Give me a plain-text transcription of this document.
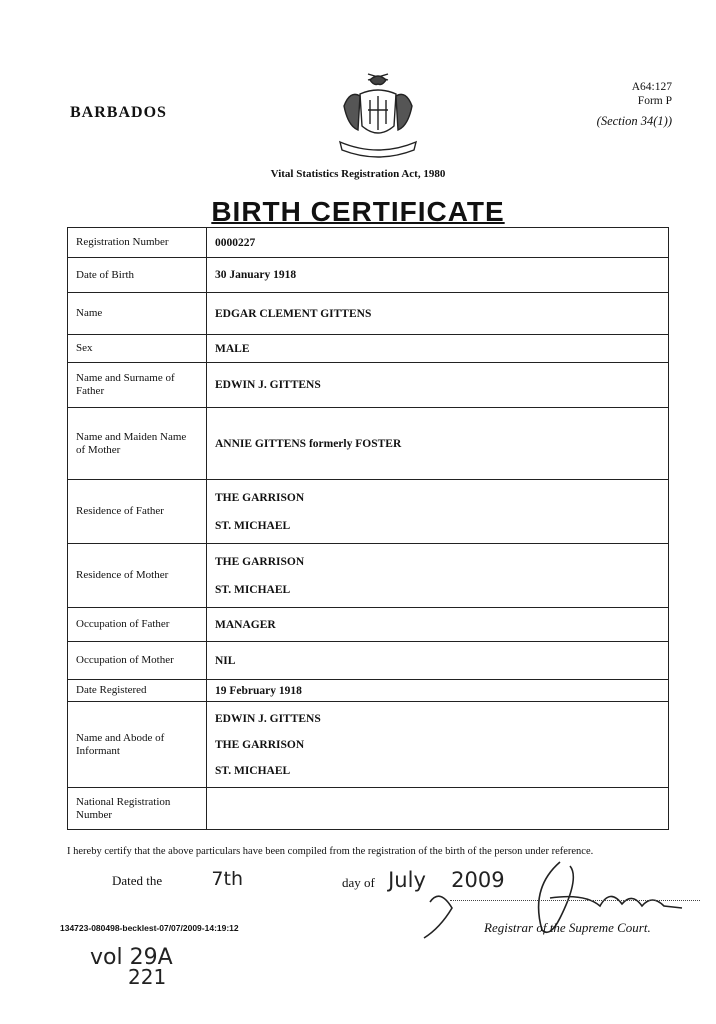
BARBADOS
A64:127
Form P
(Section 34(1))
Vital Statistics Registration Act, 1980
BIRTH CERTIFICATE
Registration Number	0000227
Date of Birth	30 January 1918
Name	EDGAR CLEMENT GITTENS
Sex	MALE
Name and Surname of Father	EDWIN J. GITTENS
Name and Maiden Name of Mother	ANNIE GITTENS formerly FOSTER
Residence of Father	THE GARRISON
ST. MICHAEL

Residence of Mother	THE GARRISON
ST. MICHAEL

Occupation of Father	MANAGER
Occupation of Mother	NIL
Date Registered	19 February 1918
Name and Abode of Informant	EDWIN J. GITTENS
THE GARRISON
ST. MICHAEL

National Registration Number	
I hereby certify that the above particulars have been compiled from the registration of the birth of the person under reference.
Dated the	7th	day of July 2009
Registrar of the Supreme Court.
134723-080498-becklest-07/07/2009-14:19:12
vol 29A
221
